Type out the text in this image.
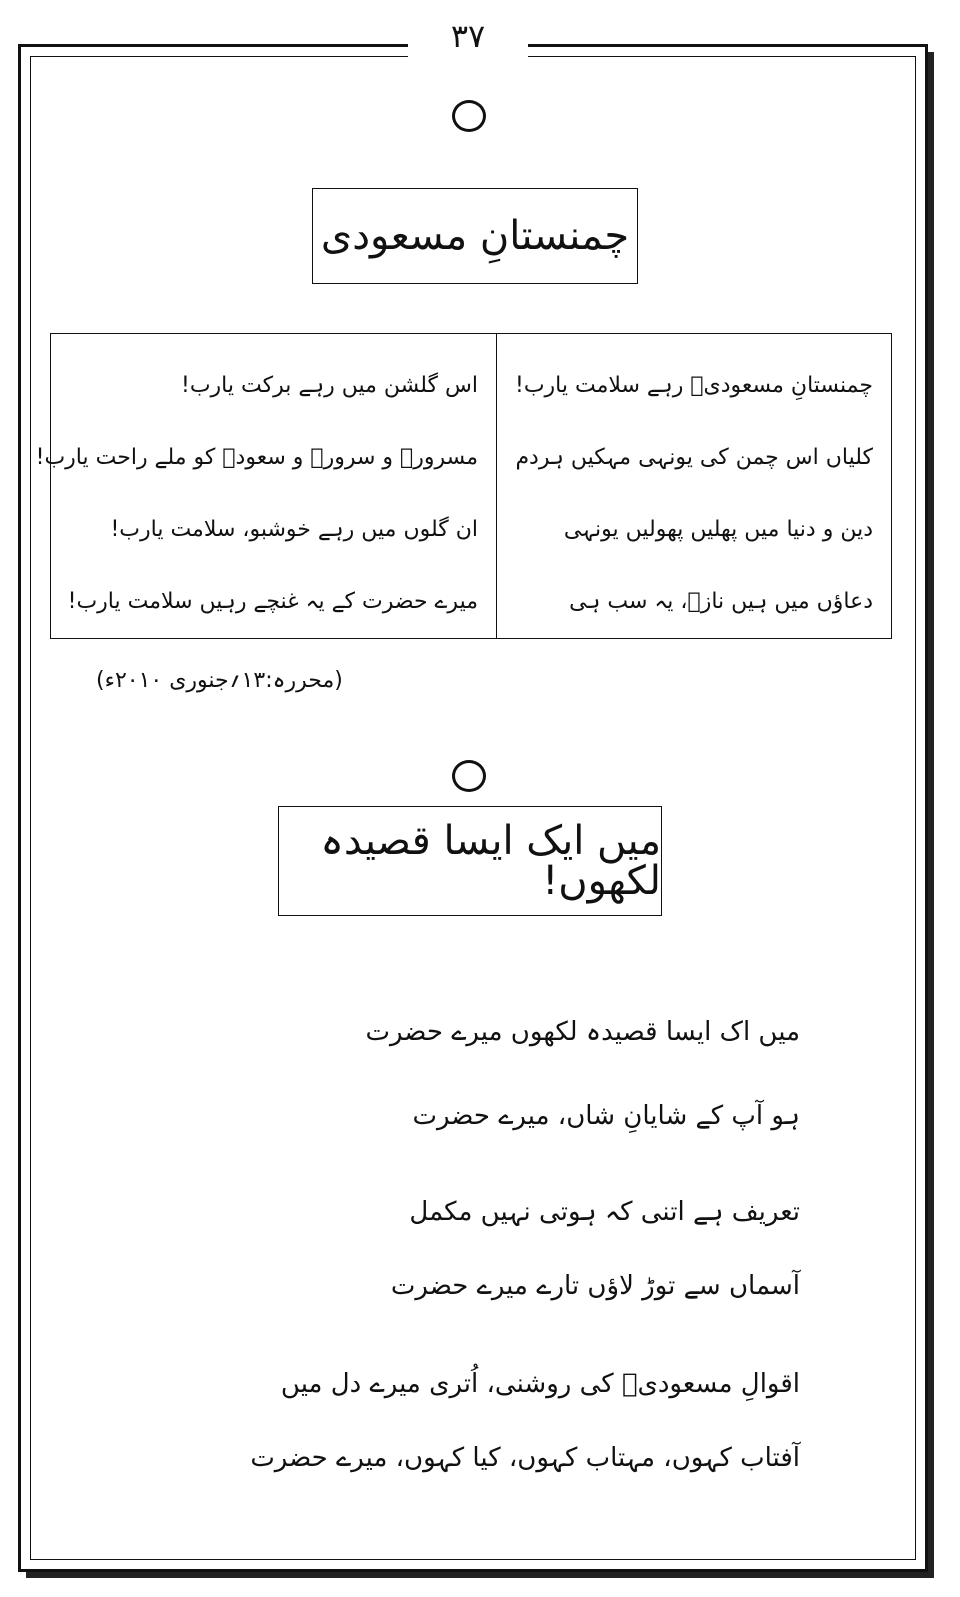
۳۷
چمنستانِ مسعودی
چمنستانِ مسعودیؔ رہے سلامت یارب!
کلیاں اس چمن کی یونہی مہکیں ہردم
دین و دنیا میں پھلیں پھولیں یونہی
دعاؤں میں ہیں نازؔ، یہ سب ہی
اس گلشن میں رہے برکت یارب!
مسرورؔ و سرورؔ و سعودؔ کو ملے راحت یارب!
ان گلوں میں رہے خوشبو، سلامت یارب!
میرے حضرت کے یہ غنچے رہیں سلامت یارب!
(محررہ:۱۳؍جنوری ۲۰۱۰ء)
میں ایک ایسا قصیدہ لکھوں!
میں اک ایسا قصیدہ لکھوں میرے حضرت
ہو آپ کے شایانِ شاں، میرے حضرت
تعریف ہے اتنی کہ ہوتی نہیں مکمل
آسماں سے توڑ لاؤں تارے میرے حضرت
اقوالِ مسعودیؔ کی روشنی، اُتری میرے دل میں
آفتاب کہوں، مہتاب کہوں، کیا کہوں، میرے حضرت
